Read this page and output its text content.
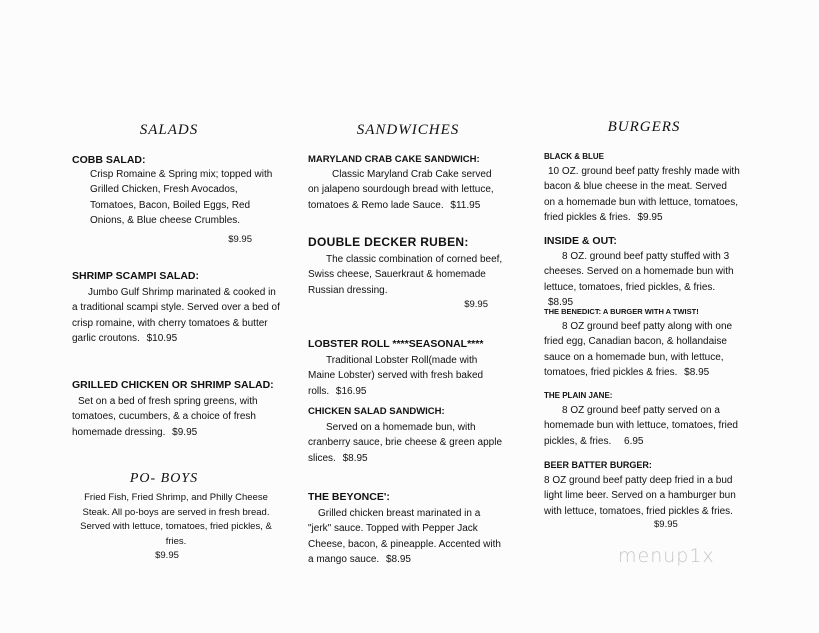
SALADS
COBB SALAD:
Crisp Romaine & Spring mix; topped with Grilled Chicken, Fresh Avocados, Tomatoes, Bacon, Boiled Eggs, Red Onions, & Blue cheese Crumbles.
$9.95
SHRIMP SCAMPI SALAD:
Jumbo Gulf Shrimp marinated & cooked in a traditional scampi style. Served over a bed of crisp romaine, with cherry tomatoes & butter garlic croutons. $10.95
GRILLED CHICKEN OR SHRIMP SALAD:
Set on a bed of fresh spring greens, with tomatoes, cucumbers, & a choice of fresh homemade dressing. $9.95
PO- BOYS
Fried Fish, Fried Shrimp, and Philly Cheese Steak. All po-boys are served in fresh bread. Served with lettuce, tomatoes, fried pickles, & fries.
$9.95
SANDWICHES
MARYLAND CRAB CAKE SANDWICH:
Classic Maryland Crab Cake served on jalapeno sourdough bread with lettuce, tomatoes & Remo lade Sauce. $11.95
DOUBLE DECKER RUBEN:
The classic combination of corned beef, Swiss cheese, Sauerkraut & homemade Russian dressing.
$9.95
LOBSTER ROLL ****SEASONAL****
Traditional Lobster Roll(made with Maine Lobster) served with fresh baked rolls. $16.95
CHICKEN SALAD SANDWICH:
Served on a homemade bun, with cranberry sauce, brie cheese & green apple slices. $8.95
THE BEYONCE':
Grilled chicken breast marinated in a "jerk" sauce. Topped with Pepper Jack Cheese, bacon, & pineapple. Accented with a mango sauce. $8.95
BURGERS
BLACK & BLUE
10 OZ. ground beef patty freshly made with bacon & blue cheese in the meat. Served on a homemade bun with lettuce, tomatoes, fried pickles & fries. $9.95
INSIDE & OUT:
8 OZ. ground beef patty stuffed with 3 cheeses. Served on a homemade bun with lettuce, tomatoes, fried pickles, & fries. $8.95
THE BENEDICT: A BURGER WITH A TWIST!
8 OZ ground beef patty along with one fried egg, Canadian bacon, & hollandaise sauce on a homemade bun, with lettuce, tomatoes, fried pickles & fries. $8.95
THE PLAIN JANE:
8 OZ ground beef patty served on a homemade bun with lettuce, tomatoes, fried pickles, & fries. 6.95
BEER BATTER BURGER:
8 OZ ground beef patty deep fried in a bud light lime beer. Served on a hamburger bun with lettuce, tomatoes, fried pickles & fries.
$9.95
menup1x
